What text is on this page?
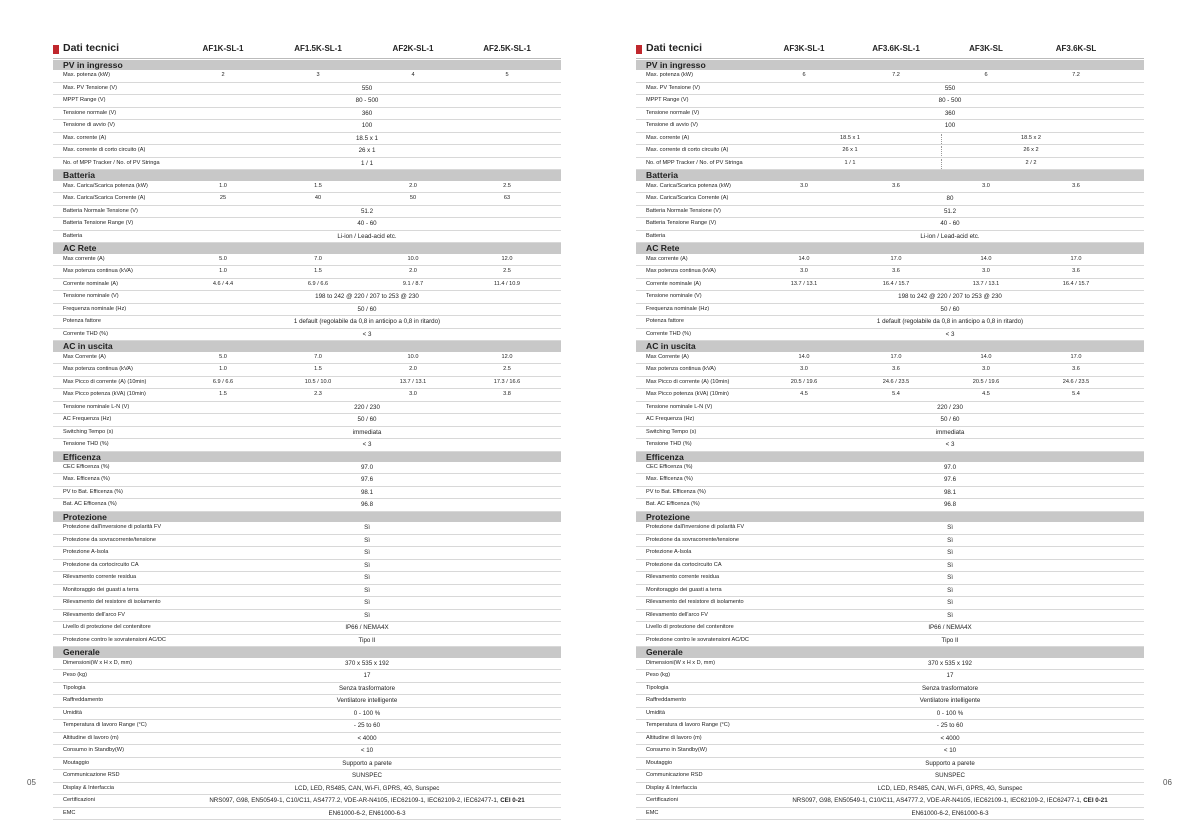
Dati tecnici	AF1K-SL-1	AF1.5K-SL-1	AF2K-SL-1	AF2.5K-SL-1
PV in ingresso
Max. potenza (kW)	2	3	4	5
Max. PV Tensione (V)	550
MPPT Range (V)	80 - 500
Tensione normale (V)	360
Tensione di avvio (V)	100
Max. corrente (A)	18.5 x 1
Max. corrente di corto circuito (A)	26 x 1
No. of MPP Tracker / No. of PV Stringa	1 / 1
Batteria
Max. Carica/Scarica potenza (kW)	1.0	1.5	2.0	2.5
Max. Carica/Scarica Corrente (A)	25	40	50	63
Batteria Normale Tensione (V)	51.2
Batteria Tensione Range (V)	40 - 60
Batteria	Li-ion / Lead-acid etc.
AC Rete
Max corrente (A)	5.0	7.0	10.0	12.0
Max potenza continua (kVA)	1.0	1.5	2.0	2.5
Corrente nominale (A)	4.6 / 4.4	6.9 / 6.6	9.1 / 8.7	11.4 / 10.9
Tensione nominale (V)	198 to 242 @ 220 / 207 to 253 @ 230
Frequenza nominale (Hz)	50 / 60
Potenza fattore	1 default (regolabile da 0,8 in anticipo a 0,8 in ritardo)
Corrente THD (%)	< 3
AC in uscita
Max Corrente (A)	5.0	7.0	10.0	12.0
Max potenza continua (kVA)	1.0	1.5	2.0	2.5
Max Picco di corrente (A) (10min)	6.9 / 6.6	10.5 / 10.0	13.7 / 13.1	17.3 / 16.6
Max Picco potenza (kVA) (10min)	1.5	2.3	3.0	3.8
Tensione nominale L-N (V)	220 / 230
AC Frequenza (Hz)	50 / 60
Switching Tempo (s)	immediata
Tensione THD (%)	< 3
Efficenza
CEC Efficenza (%)	97.0
Max. Efficenza (%)	97.6
PV to Bat. Efficenza (%)	98.1
Bat. AC Efficenza (%)	96.8
Protezione
Protezione dall'inversione di polarità FV	Sì
Protezione da sovracorrente/tensione	Sì
Protezione A-Isola	Sì
Protezione da cortocircuito CA	Sì
Rilevamento corrente residua	Sì
Monitoraggio dei guasti a terra	Sì
Rilevamento del resistore di isolamento	Sì
Rilevamento dell'arco FV	Sì
Livello di protezione del contenitore	IP66 / NEMA4X
Protezione contro le sovratensioni AC/DC	Tipo II
Generale
Dimensioni(W x H x D, mm)	370 x 535 x 192
Peso (kg)	17
Tipologia	Senza trasformatore
Raffreddamento	Ventilatore intelligente
Umidità	0 - 100 %
Temperatura di lavoro Range (°C)	- 25 to 60
Altitudine di lavoro (m)	< 4000
Consumo in Standby(W)	< 10
Moutaggio	Supporto a parete
Communicazione RSD	SUNSPEC
Display & Interfaccia	LCD, LED, RS485, CAN, Wi-Fi, GPRS, 4G, Sunspec
Certificazioni	NRS097, G98, EN50549-1, C10/C11, AS4777.2, VDE-AR-N4105, IEC62109-1, IEC62109-2, IEC62477-1, CEI 0-21
EMC	EN61000-6-2, EN61000-6-3
Dati tecnici	AF3K-SL-1	AF3.6K-SL-1	AF3K-SL	AF3.6K-SL
PV in ingresso
Max. potenza (kW)	6	7.2	6	7.2
Max. PV Tensione (V)	550
MPPT Range (V)	80 - 500
Tensione normale (V)	360
Tensione di avvio (V)	100
Max. corrente (A)	18.5 x 1	18.5 x 2
Max. corrente di corto circuito (A)	26 x 1	26 x 2
No. of MPP Tracker / No. of PV Stringa	1 / 1	2 / 2
Batteria
Max. Carica/Scarica potenza (kW)	3.0	3.6	3.0	3.6
Max. Carica/Scarica Corrente (A)	80
Batteria Normale Tensione (V)	51.2
Batteria Tensione Range (V)	40 - 60
Batteria	Li-ion / Lead-acid etc.
AC Rete
Max corrente (A)	14.0	17.0	14.0	17.0
Max potenza continua (kVA)	3.0	3.6	3.0	3.6
Corrente nominale (A)	13.7 / 13.1	16.4 / 15.7	13.7 / 13.1	16.4 / 15.7
Tensione nominale (V)	198 to 242 @ 220 / 207 to 253 @ 230
Frequenza nominale (Hz)	50 / 60
Potenza fattore	1 default (regolabile da 0,8 in anticipo a 0,8 in ritardo)
Corrente THD (%)	< 3
AC in uscita
Max Corrente (A)	14.0	17.0	14.0	17.0
Max potenza continua (kVA)	3.0	3.6	3.0	3.6
Max Picco di corrente (A) (10min)	20.5 / 19.6	24.6 / 23.5	20.5 / 19.6	24.6 / 23.5
Max Picco potenza (kVA) (10min)	4.5	5.4	4.5	5.4
Tensione nominale L-N (V)	220 / 230
AC Frequenza (Hz)	50 / 60
Switching Tempo (s)	immediata
Tensione THD (%)	< 3
Efficenza
CEC Efficenza (%)	97.0
Max. Efficenza (%)	97.6
PV to Bat. Efficenza (%)	98.1
Bat. AC Efficenza (%)	96.8
Protezione
Protezione dall'inversione di polarità FV	Sì
Protezione da sovracorrente/tensione	Sì
Protezione A-Isola	Sì
Protezione da cortocircuito CA	Sì
Rilevamento corrente residua	Sì
Monitoraggio dei guasti a terra	Sì
Rilevamento del resistore di isolamento	Sì
Rilevamento dell'arco FV	Sì
Livello di protezione del contenitore	IP66 / NEMA4X
Protezione contro le sovratensioni AC/DC	Tipo II
Generale
Dimensioni(W x H x D, mm)	370 x 535 x 192
Peso (kg)	17
Tipologia	Senza trasformatore
Raffreddamento	Ventilatore intelligente
Umidità	0 - 100 %
Temperatura di lavoro Range (°C)	- 25 to 60
Altitudine di lavoro (m)	< 4000
Consumo in Standby(W)	< 10
Moutaggio	Supporto a parete
Communicazione RSD	SUNSPEC
Display & Interfaccia	LCD, LED, RS485, CAN, Wi-Fi, GPRS, 4G, Sunspec
Certificazioni	NRS097, G98, EN50549-1, C10/C11, AS4777.2, VDE-AR-N4105, IEC62109-1, IEC62109-2, IEC62477-1, CEI 0-21
EMC	EN61000-6-2, EN61000-6-3
05	06
